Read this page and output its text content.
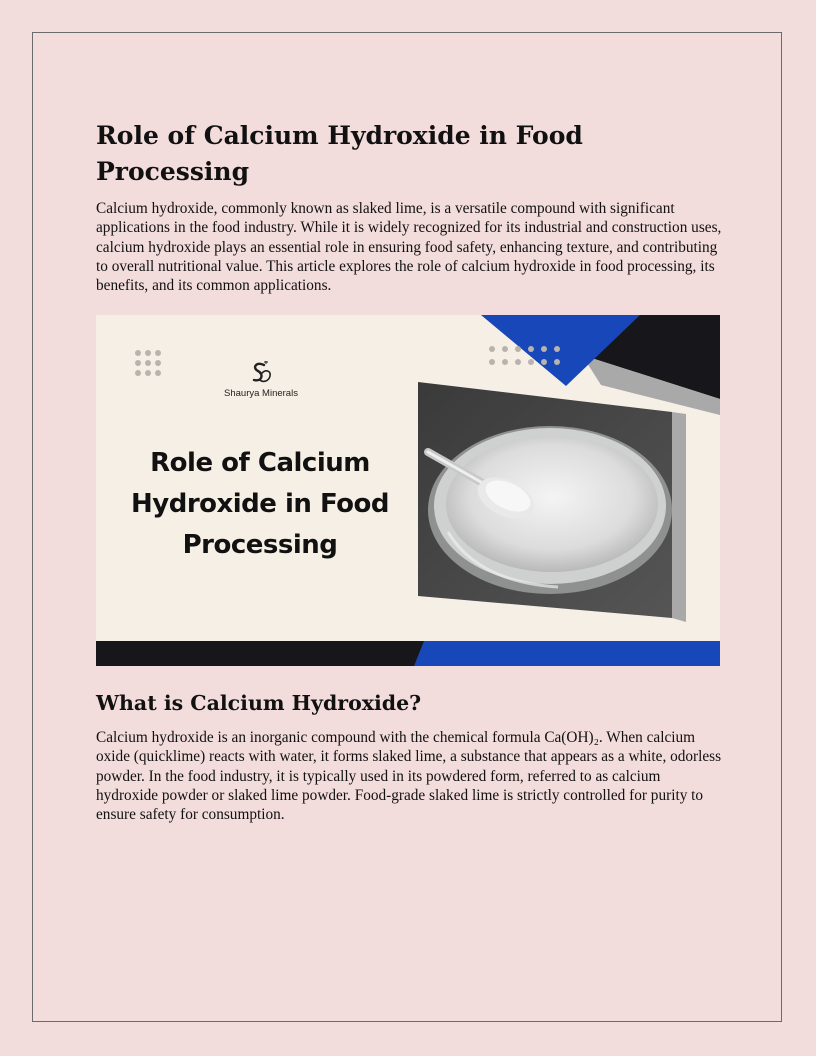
Role of Calcium Hydroxide in Food Processing

Calcium hydroxide, commonly known as slaked lime, is a versatile compound with significant applications in the food industry. While it is widely recognized for its industrial and construction uses, calcium hydroxide plays an essential role in ensuring food safety, enhancing texture, and contributing to overall nutritional value. This article explores the role of calcium hydroxide in food processing, its benefits, and its common applications.

Shaurya Minerals
Role of Calcium Hydroxide in Food Processing
What is Calcium Hydroxide?

Calcium hydroxide is an inorganic compound with the chemical formula Ca(OH)₂. When calcium oxide (quicklime) reacts with water, it forms slaked lime, a substance that appears as a white, odorless powder. In the food industry, it is typically used in its powdered form, referred to as calcium hydroxide powder or slaked lime powder. Food-grade slaked lime is strictly controlled for purity to ensure safety for consumption.
